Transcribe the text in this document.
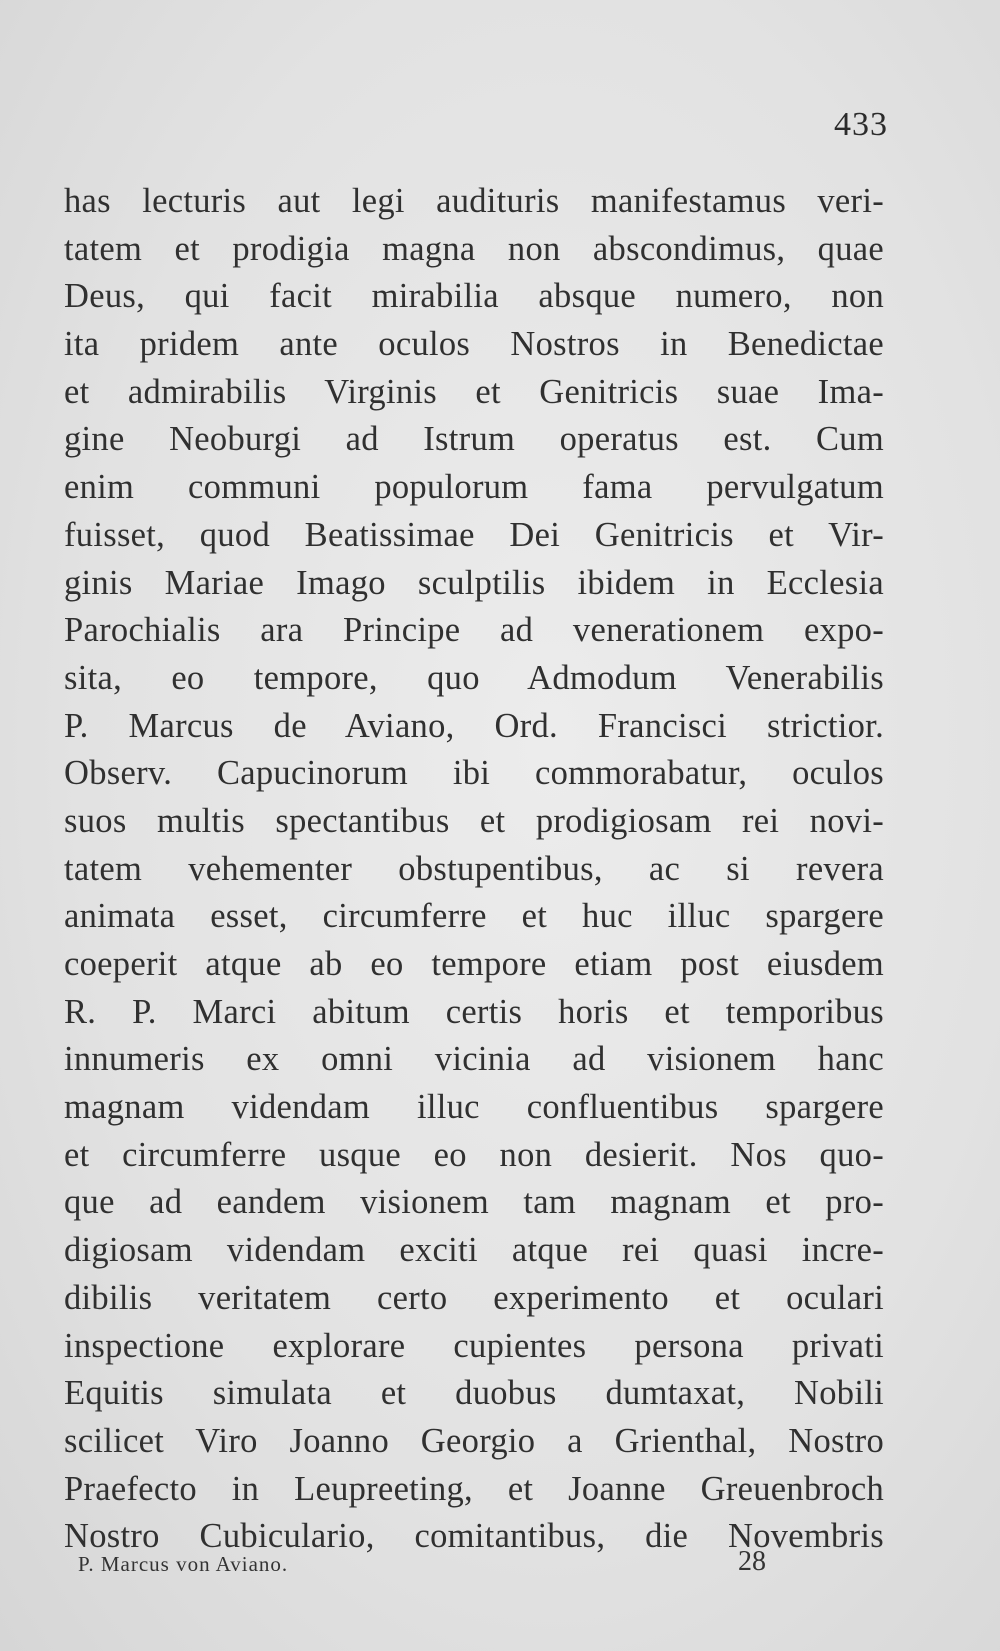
433
has lecturis aut legi audituris manifestamus veri-
tatem et prodigia magna non abscondimus, quae
Deus, qui facit mirabilia absque numero, non
ita pridem ante oculos Nostros in Benedictae
et admirabilis Virginis et Genitricis suae Ima-
gine Neoburgi ad Istrum operatus est. Cum
enim communi populorum fama pervulgatum
fuisset, quod Beatissimae Dei Genitricis et Vir-
ginis Mariae Imago sculptilis ibidem in Ecclesia
Parochialis ara Principe ad venerationem expo-
sita, eo tempore, quo Admodum Venerabilis
P. Marcus de Aviano, Ord. Francisci strictior.
Observ. Capucinorum ibi commorabatur, oculos
suos multis spectantibus et prodigiosam rei novi-
tatem vehementer obstupentibus, ac si revera
animata esset, circumferre et huc illuc spargere
coeperit atque ab eo tempore etiam post eiusdem
R. P. Marci abitum certis horis et temporibus
innumeris ex omni vicinia ad visionem hanc
magnam videndam illuc confluentibus spargere
et circumferre usque eo non desierit. Nos quo-
que ad eandem visionem tam magnam et pro-
digiosam videndam exciti atque rei quasi incre-
dibilis veritatem certo experimento et oculari
inspectione explorare cupientes persona privati
Equitis simulata et duobus dumtaxat, Nobili
scilicet Viro Joanno Georgio a Grienthal, Nostro
Praefecto in Leupreeting, et Joanne Greuenbroch
Nostro Cubiculario, comitantibus, die Novembris
P. Marcus von Aviano.	28
